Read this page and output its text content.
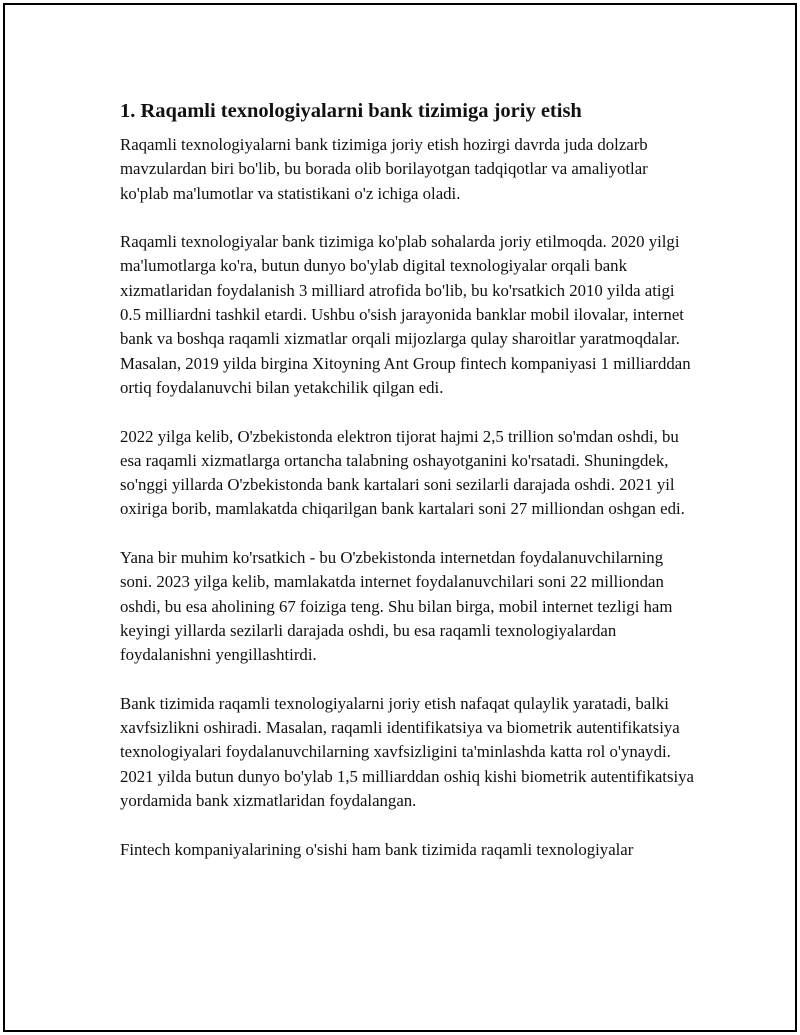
1. Raqamli texnologiyalarni bank tizimiga joriy etish

Raqamli texnologiyalarni bank tizimiga joriy etish hozirgi davrda juda dolzarb mavzulardan biri bo'lib, bu borada olib borilayotgan tadqiqotlar va amaliyotlar ko'plab ma'lumotlar va statistikani o'z ichiga oladi.

Raqamli texnologiyalar bank tizimiga ko'plab sohalarda joriy etilmoqda. 2020 yilgi ma'lumotlarga ko'ra, butun dunyo bo'ylab digital texnologiyalar orqali bank xizmatlaridan foydalanish 3 milliard atrofida bo'lib, bu ko'rsatkich 2010 yilda atigi 0.5 milliardni tashkil etardi. Ushbu o'sish jarayonida banklar mobil ilovalar, internet bank va boshqa raqamli xizmatlar orqali mijozlarga qulay sharoitlar yaratmoqdalar. Masalan, 2019 yilda birgina Xitoyning Ant Group fintech kompaniyasi 1 milliarddan ortiq foydalanuvchi bilan yetakchilik qilgan edi.

2022 yilga kelib, O'zbekistonda elektron tijorat hajmi 2,5 trillion so'mdan oshdi, bu esa raqamli xizmatlarga ortancha talabning oshayotganini ko'rsatadi. Shuningdek, so'nggi yillarda O'zbekistonda bank kartalari soni sezilarli darajada oshdi. 2021 yil oxiriga borib, mamlakatda chiqarilgan bank kartalari soni 27 milliondan oshgan edi.

Yana bir muhim ko'rsatkich - bu O'zbekistonda internetdan foydalanuvchilarning soni. 2023 yilga kelib, mamlakatda internet foydalanuvchilari soni 22 milliondan oshdi, bu esa aholining 67 foiziga teng. Shu bilan birga, mobil internet tezligi ham keyingi yillarda sezilarli darajada oshdi, bu esa raqamli texnologiyalardan foydalanishni yengillashtirdi.

Bank tizimida raqamli texnologiyalarni joriy etish nafaqat qulaylik yaratadi, balki xavfsizlikni oshiradi. Masalan, raqamli identifikatsiya va biometrik autentifikatsiya texnologiyalari foydalanuvchilarning xavfsizligini ta'minlashda katta rol o'ynaydi. 2021 yilda butun dunyo bo'ylab 1,5 milliarddan oshiq kishi biometrik autentifikatsiya yordamida bank xizmatlaridan foydalangan.

Fintech kompaniyalarining o'sishi ham bank tizimida raqamli texnologiyalar
